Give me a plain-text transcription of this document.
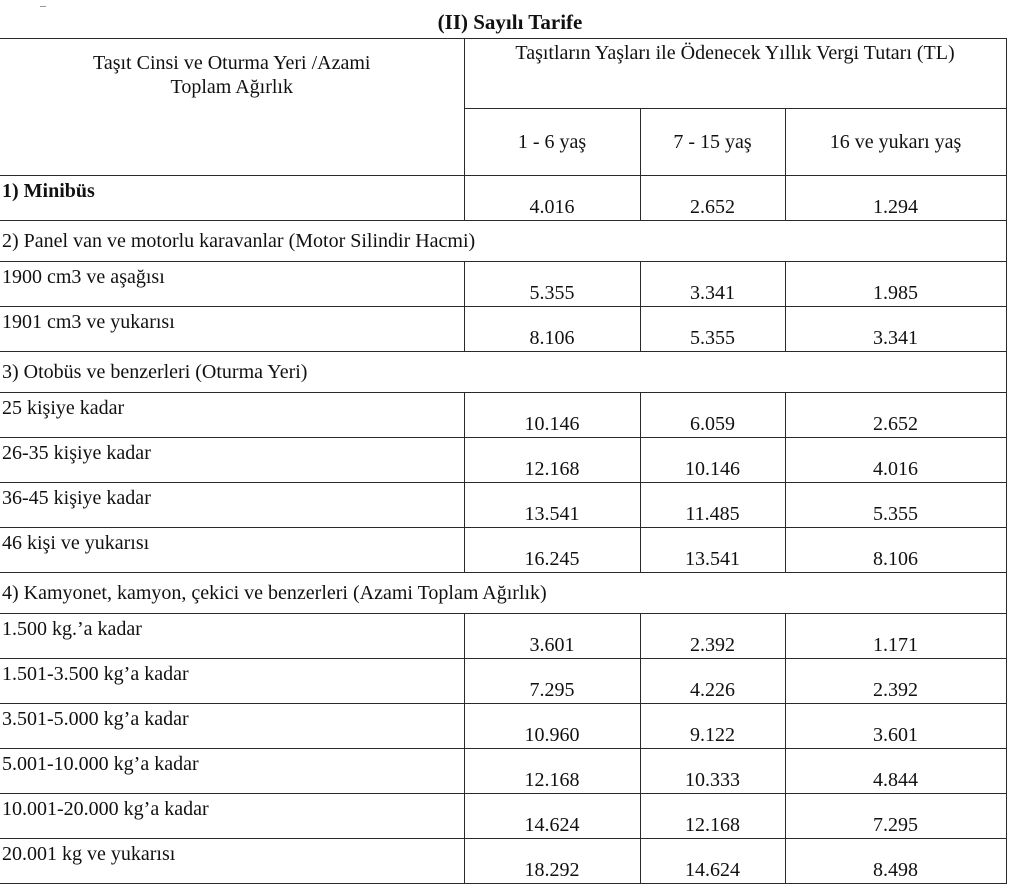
(II) Sayılı Tarife
Taşıt Cinsi ve Oturma Yeri /Azami
Toplam Ağırlık	Taşıtların Yaşları ile Ödenecek Yıllık Vergi Tutarı (TL)		
	1 - 6 yaş	7 - 15 yaş	16 ve yukarı yaş
1) Minibüs	4.016	2.652	1.294
2) Panel van ve motorlu karavanlar (Motor Silindir Hacmi)			
1900 cm3 ve aşağısı	5.355	3.341	1.985
1901 cm3 ve yukarısı	8.106	5.355	3.341
3) Otobüs ve benzerleri (Oturma Yeri)			
25 kişiye kadar	10.146	6.059	2.652
26-35 kişiye kadar	12.168	10.146	4.016
36-45 kişiye kadar	13.541	11.485	5.355
46 kişi ve yukarısı	16.245	13.541	8.106
4) Kamyonet, kamyon, çekici ve benzerleri (Azami Toplam Ağırlık)			
1.500 kg.’a kadar	3.601	2.392	1.171
1.501-3.500 kg’a kadar	7.295	4.226	2.392
3.501-5.000 kg’a kadar	10.960	9.122	3.601
5.001-10.000 kg’a kadar	12.168	10.333	4.844
10.001-20.000 kg’a kadar	14.624	12.168	7.295
20.001 kg ve yukarısı	18.292	14.624	8.498
